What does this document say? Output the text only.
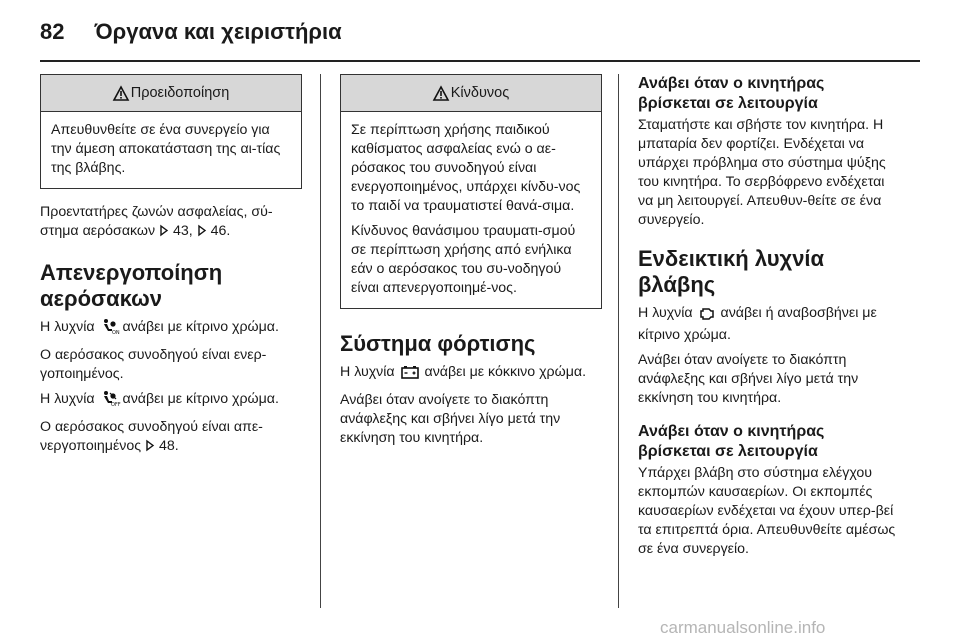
82 Όργανα και χειριστήρια
Προειδοποίηση

Απευθυνθείτε σε ένα συνεργείο για την άμεση αποκατάσταση της αι-τίας της βλάβης.

Προεντατήρες ζωνών ασφαλείας, σύ-στημα αερόσακων 43, 46.

Απενεργοποίηση αερόσακων

Η λυχνία	ON ανάβει με κίτρινο χρώμα.

Ο αερόσακος συνοδηγού είναι ενερ-γοποιημένος.

Η λυχνία	OFF ανάβει με κίτρινο χρώμα.

Ο αερόσακος συνοδηγού είναι απε-νεργοποιημένος 48.

Κίνδυνος

Σε περίπτωση χρήσης παιδικού καθίσματος ασφαλείας ενώ ο αε-ρόσακος του συνοδηγού είναι ενεργοποιημένος, υπάρχει κίνδυ-νος το παιδί να τραυματιστεί θανά-σιμα.

Κίνδυνος θανάσιμου τραυματι-σμού σε περίπτωση χρήσης από ενήλικα εάν ο αερόσακος του συ-νοδηγού είναι απενεργοποιημέ-νος.

Σύστημα φόρτισης

Η λυχνία ανάβει με κόκκινο χρώμα.

Ανάβει όταν ανοίγετε το διακόπτη ανάφλεξης και σβήνει λίγο μετά την εκκίνηση του κινητήρα.

Ανάβει όταν ο κινητήρας βρίσκεται σε λειτουργία

Σταματήστε και σβήστε τον κινητήρα. Η μπαταρία δεν φορτίζει. Ενδέχεται να υπάρχει πρόβλημα στο σύστημα ψύξης του κινητήρα. Το σερβόφρενο ενδέχεται να μη λειτουργεί. Απευθυν-θείτε σε ένα συνεργείο.

Ενδεικτική λυχνία βλάβης

Η λυχνία ανάβει ή αναβοσβήνει με κίτρινο χρώμα.

Ανάβει όταν ανοίγετε το διακόπτη ανάφλεξης και σβήνει λίγο μετά την εκκίνηση του κινητήρα.

Ανάβει όταν ο κινητήρας βρίσκεται σε λειτουργία

Υπάρχει βλάβη στο σύστημα ελέγχου εκπομπών καυσαερίων. Οι εκπομπές καυσαερίων ενδέχεται να έχουν υπερ-βεί τα επιτρεπτά όρια. Απευθυνθείτε αμέσως σε ένα συνεργείο.

carmanualsonline.info
